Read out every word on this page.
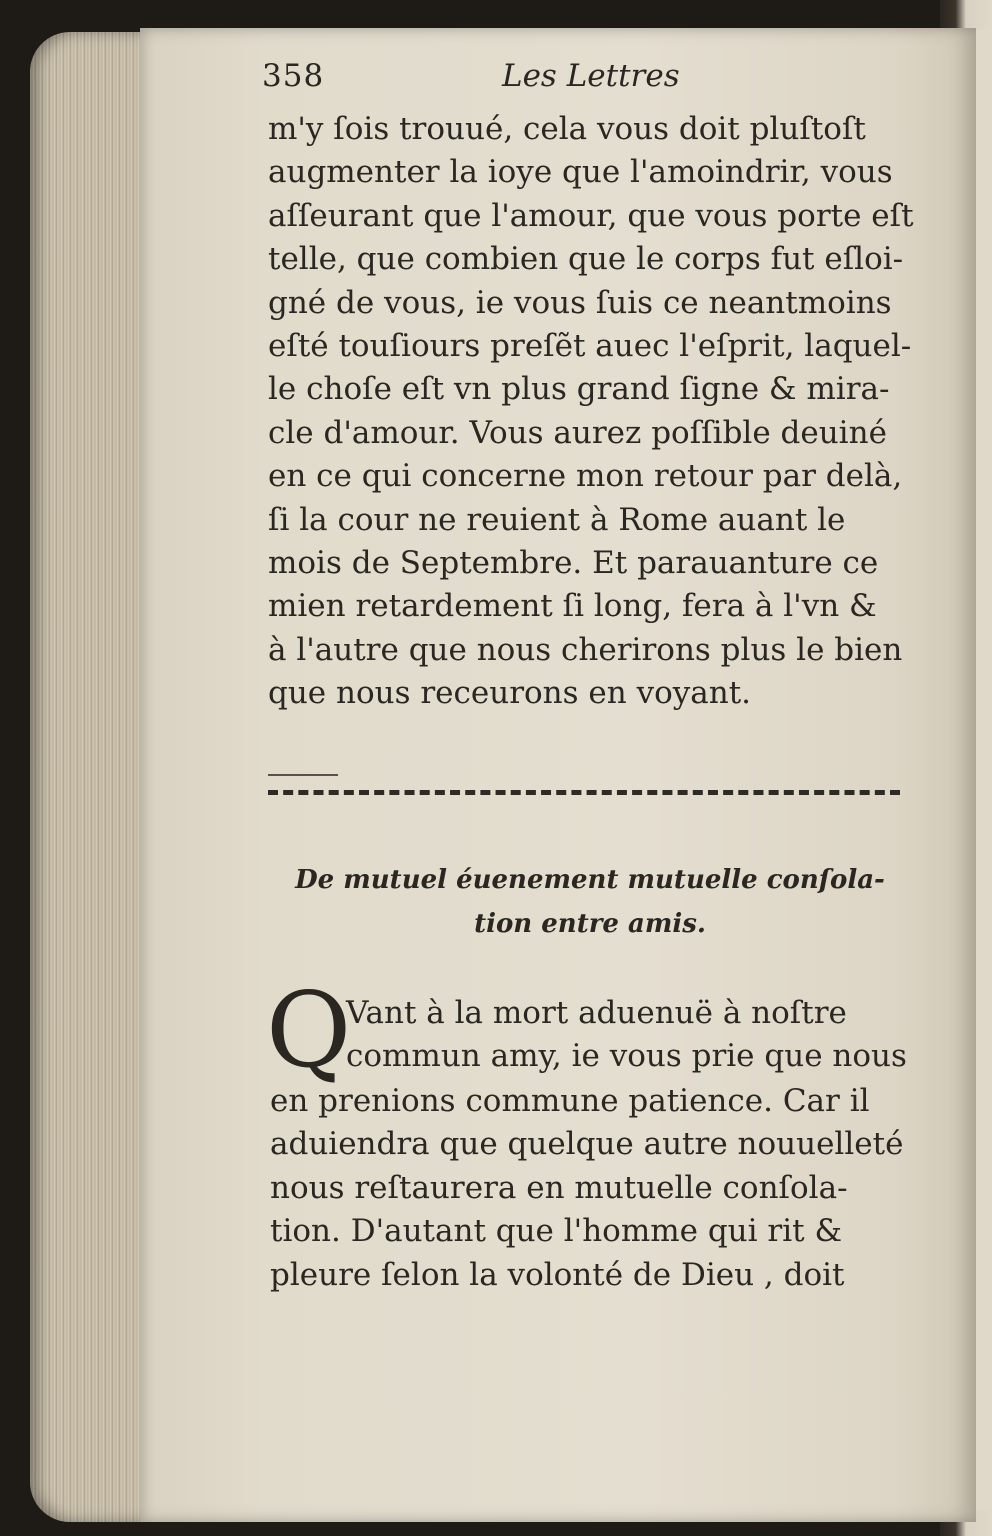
358	Les Lettres
m'y ſois trouué, cela vous doit pluſtoſt
augmenter la ioye que l'amoindrir, vous
aſſeurant que l'amour, que vous porte eſt
telle, que combien que le corps fut eſloi-
gné de vous, ie vous ſuis ce neantmoins
eſté touſiours preſẽt auec l'eſprit, laquel-
le choſe eſt vn plus grand ſigne & mira-
cle d'amour. Vous aurez poſſible deuiné
en ce qui concerne mon retour par delà,
ſi la cour ne reuient à Rome auant le
mois de Septembre. Et parauanture ce
mien retardement ſi long, fera à l'vn &
à l'autre que nous cherirons plus le bien
que nous receurons en voyant.
De mutuel éuenement mutuelle conſola-
tion entre amis.
Q
Vant à la mort aduenuë à noſtre
commun amy, ie vous prie que nous
en prenions commune patience. Car il
aduiendra que quelque autre nouuelleté
nous reſtaurera en mutuelle conſola-
tion. D'autant que l'homme qui rit &
pleure ſelon la volonté de Dieu , doit
